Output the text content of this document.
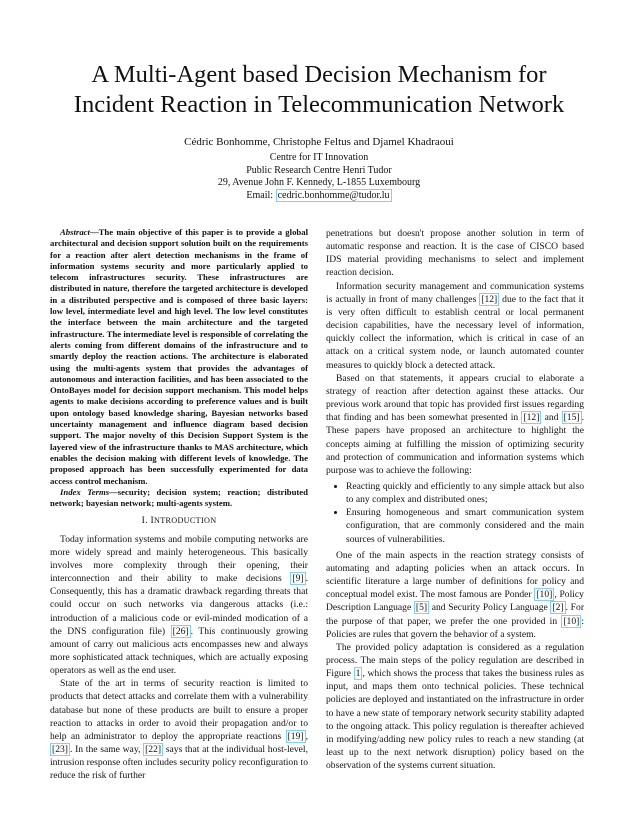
A Multi-Agent based Decision Mechanism for
Incident Reaction in Telecommunication Network
Cédric Bonhomme, Christophe Feltus and Djamel Khadraoui
Centre for IT Innovation
Public Research Centre Henri Tudor
29, Avenue John F. Kennedy, L-1855 Luxembourg
Email: cedric.bonhomme@tudor.lu

Abstract—The main objective of this paper is to provide a global architectural and decision support solution built on the requirements for a reaction after alert detection mechanisms in the frame of information systems security and more particularly applied to telecom infrastructures security. These infrastructures are distributed in nature, therefore the targeted architecture is developed in a distributed perspective and is composed of three basic layers: low level, intermediate level and high level. The low level constitutes the interface between the main architecture and the targeted infrastructure. The intermediate level is responsible of correlating the alerts coming from different domains of the infrastructure and to smartly deploy the reaction actions. The architecture is elaborated using the multi-agents system that provides the advantages of autonomous and interaction facilities, and has been associated to the OntoBayes model for decision support mechanism. This model helps agents to make decisions according to preference values and is built upon ontology based knowledge sharing, Bayesian networks based uncertainty management and influence diagram based decision support. The major novelty of this Decision Support System is the layered view of the infrastructure thanks to MAS architecture, which enables the decision making with different levels of knowledge. The proposed approach has been successfully experimented for data access control mechanism.

Index Terms—security; decision system; reaction; distributed network; bayesian network; multi-agents system.

I. INTRODUCTION

Today information systems and mobile computing networks are more widely spread and mainly heterogeneous. This basically involves more complexity through their opening, their interconnection and their ability to make decisions [9] . Consequently, this has a dramatic drawback regarding threats that could occur on such networks via dangerous attacks (i.e.: introduction of a malicious code or evil-minded modication of a the DNS configuration file) [26] . This continuously growing amount of carry out malicious acts encompasses new and always more sophisticated attack techniques, which are actually exposing operators as well as the end user.

State of the art in terms of security reaction is limited to products that detect attacks and correlate them with a vulnerability database but none of these products are built to ensure a proper reaction to attacks in order to avoid their propagation and/or to help an administrator to deploy the appropriate reactions [19] , [23] . In the same way, [22] says that at the individual host-level, intrusion response often includes security policy reconfiguration to reduce the risk of further

penetrations but doesn't propose another solution in term of automatic response and reaction. It is the case of CISCO based IDS material providing mechanisms to select and implement reaction decision.

Information security management and communication systems is actually in front of many challenges [12] due to the fact that it is very often difficult to establish central or local permanent decision capabilities, have the necessary level of information, quickly collect the information, which is critical in case of an attack on a critical system node, or launch automated counter measures to quickly block a detected attack.

Based on that statements, it appears crucial to elaborate a strategy of reaction after detection against these attacks. Our previous work around that topic has provided first issues regarding that finding and has been somewhat presented in [12] and [15] . These papers have proposed an architecture to highlight the concepts aiming at fulfilling the mission of optimizing security and protection of communication and information systems which purpose was to achieve the following:

• Reacting quickly and efficiently to any simple attack but also to any complex and distributed ones;
• Ensuring homogeneous and smart communication system configuration, that are commonly considered and the main sources of vulnerabilities.

One of the main aspects in the reaction strategy consists of automating and adapting policies when an attack occurs. In scientific literature a large number of definitions for policy and conceptual model exist. The most famous are Ponder [10] , Policy Description Language [5] and Security Policy Language [2] . For the purpose of that paper, we prefer the one provided in [10] : Policies are rules that govern the behavior of a system.

The provided policy adaptation is considered as a regulation process. The main steps of the policy regulation are described in Figure 1 , which shows the process that takes the business rules as input, and maps them onto technical policies. These technical policies are deployed and instantiated on the infrastructure in order to have a new state of temporary network security stability adapted to the ongoing attack. This policy regulation is thereafter achieved in modifying/adding new policy rules to reach a new standing (at least up to the next network disruption) policy based on the observation of the systems current situation.
